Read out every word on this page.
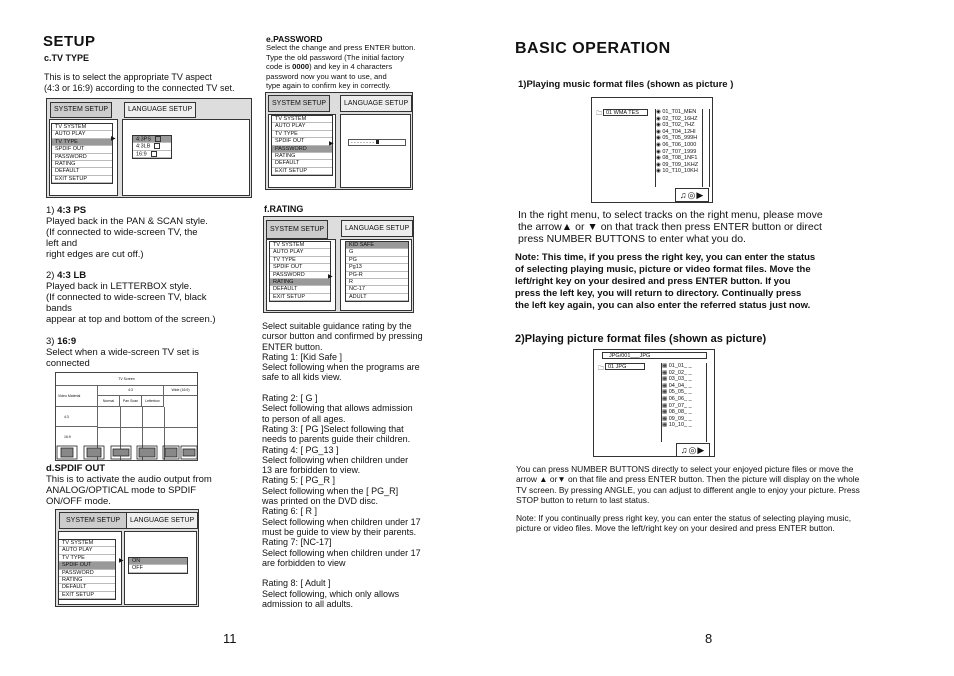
SETUP
c.TV TYPE
This is to select the appropriate TV aspect
(4:3 or 16:9) according to the connected TV set.
SYSTEM SETUP	LANGUAGE SETUP
TV SYSTEM
AUTO PLAY
TV TYPE
SPDIF OUT
PASSWORD
RATING
DEFAULT
EXIT SETUP
▶	4:3PS
4:3LB
16:9
1) 4:3 PS
Played back in the PAN & SCAN style.
(If connected to wide-screen TV, the
left and
right edges are cut off.)
2) 4:3 LB
Played back in LETTERBOX style.
(If connected to wide-screen TV, black
bands
appear at top and bottom of the screen.)
3) 16:9
Select when a wide-screen TV set is
connected
TV Screen
Video Material
4:3	Wide (16:9)
Normal	Pan Scan	Letterbox
4:3
16:9
d.SPDIF OUT
This is to activate the audio output from
ANALOG/OPTICAL mode to SPDIF
ON/OFF mode.
SYSTEM SETUP	LANGUAGE SETUP
TV SYSTEM
AUTO PLAY
TV TYPE
SPDIF OUT
PASSWORD
RATING
DEFAULT
EXIT SETUP
▶	ON
OFF
e.PASSWORD
Select the change and press ENTER button.
Type the old password (The initial factory
code is 0000) and key in 4 characters
password now you want to use, and
type again to confirm key in correctly.
SYSTEM SETUP	LANGUAGE SETUP
TV SYSTEM
AUTO PLAY
TV TYPE
SPDIF OUT
PASSWORD
RATING
DEFAULT
EXIT SETUP
▶	- - - - - - - -
f.RATING
SYSTEM SETUP	LANGUAGE SETUP
TV SYSTEM
AUTO PLAY
TV TYPE
SPDIF OUT
PASSWORD
RATING
DEFAULT
EXIT SETUP
▶
KID SAFE
G
PG
Pg13
PG-R
R
NC-17
ADULT
Select suitable guidance rating by the
cursor button and confirmed by pressing
ENTER button.
Rating 1: [Kid Safe ]
Select following when the programs are
safe to all kids view.
Rating 2: [ G ]
Select following that allows admission
to person of all ages.
Rating 3: [ PG ]Select following that
needs to parents guide their children.
Rating 4: [ PG_13 ]
Select following when children under
13 are forbidden to view.
Rating 5: [ PG_R ]
Select following when the [ PG_R]
was printed on the DVD disc.
Rating 6: [ R ]
Select following when children under 17
must be guide to view by their parents.
Rating 7: [NC-17]
Select following when children under 17
are forbidden to view
Rating 8: [ Adult ]
Select following, which only allows
admission to all adults.
11
BASIC OPERATION
1)Playing music format files (shown as picture )
🗀 01 WMA TES	◉ 01_T01_MEN
◉ 02_T02_16HZ
◉ 03_T02_7HZ
◉ 04_T04_12HI
◉ 05_T05_999H
◉ 06_T06_1000
◉ 07_T07_1999
◉ 08_T08_1NF1
◉ 09_T09_1KHZ
◉ 10_T10_10KH
♫◎▶
In the right menu, to select tracks on the right menu, please move
the arrow▲ or ▼ on that track then press ENTER button or direct
press NUMBER BUTTONS to enter what you do.
Note: This time, if you press the right key, you can enter the status
of selecting playing music, picture or video format files. Move the
left/right key on your desired and press ENTER button. If you
press the left key, you will return to directory. Continually press
the left key again, you can also enter the referred status just now.
2)Playing picture format files (shown as picture)
JPG/001___JPG
🗀 01 JPG	▦ 01_01_ _
▦ 02_02_ _
▦ 03_03_ _
▦ 04_04_ _
▦ 05_05_ _
▦ 06_06_ _
▦ 07_07_ _
▦ 08_08_ _
▦ 09_09_ _
▦ 10_10_ _
♫◎▶
You can press NUMBER BUTTONS directly to select your enjoyed picture files or move the
arrow ▲ or▼ on that file and press ENTER button. Then the picture will display on the whole
TV screen. By pressing ANGLE, you can adjust to different angle to enjoy your picture. Press
STOP button to return to last status.
Note: If you continually press right key, you can enter the status of selecting playing music,
picture or video files. Move the left/right key on your desired and press ENTER button.
8
